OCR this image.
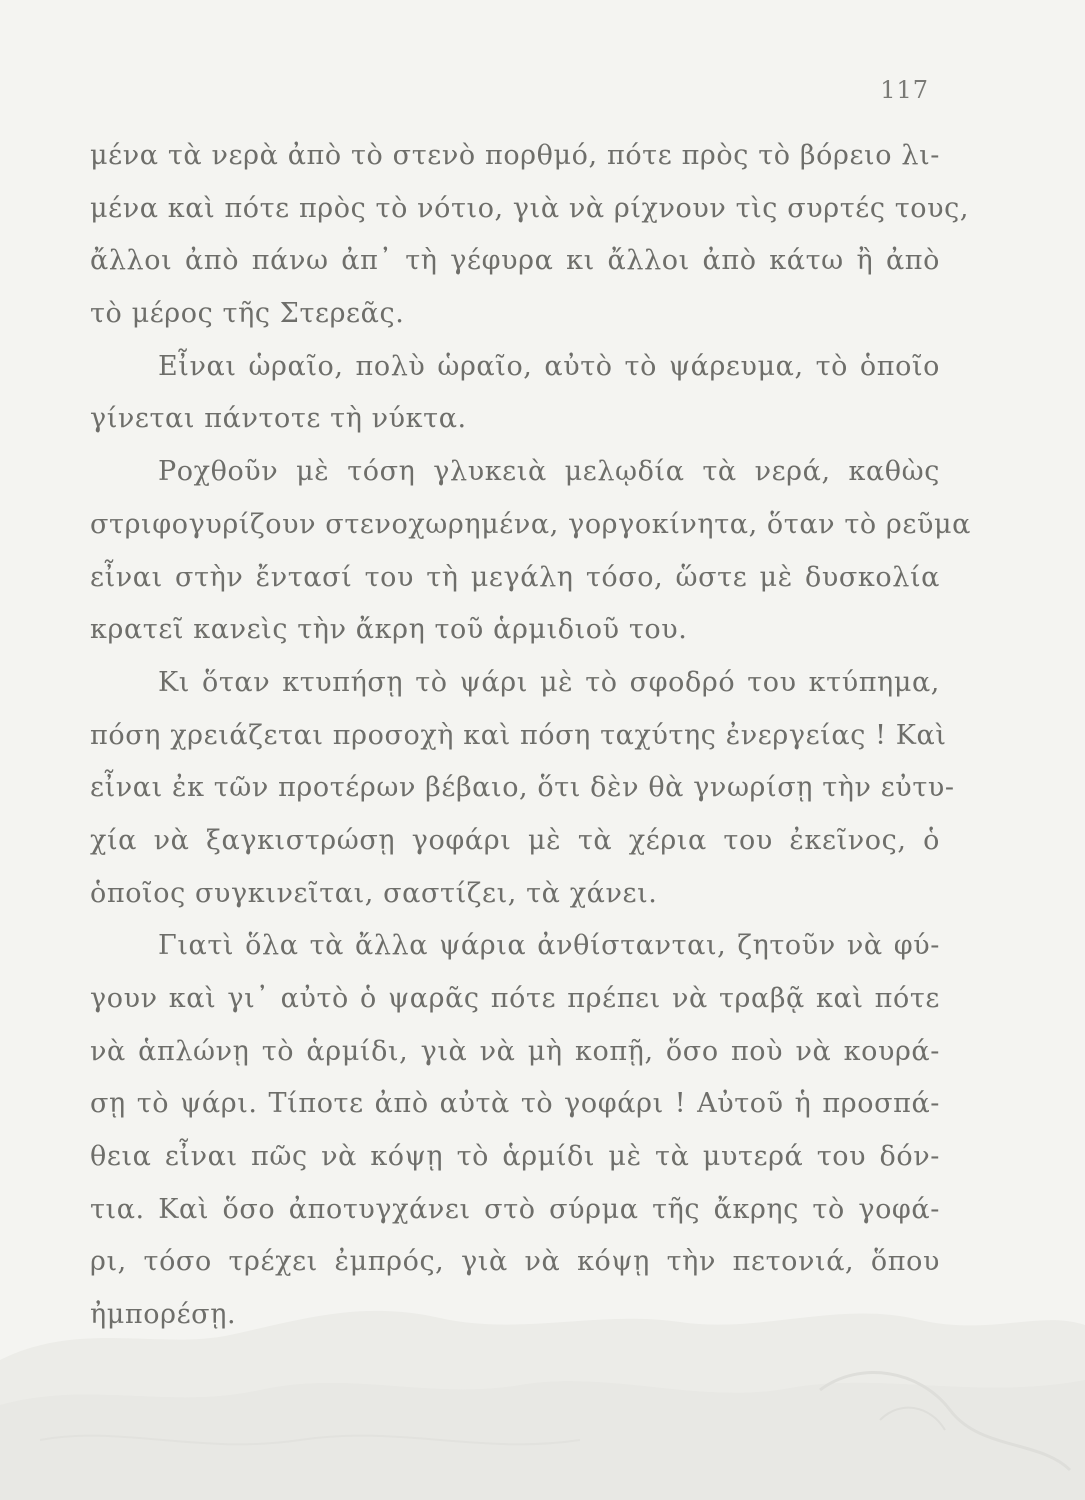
117
μένα τὰ νερὰ ἀπὸ τὸ στενὸ πορθμό, πότε πρὸς τὸ βόρειο λι-
μένα καὶ πότε πρὸς τὸ νότιο, γιὰ νὰ ρίχνουν τὶς συρτές τους,
ἄλλοι ἀπὸ πάνω ἀπ᾽ τὴ γέφυρα κι ἄλλοι ἀπὸ κάτω ἢ ἀπὸ
τὸ μέρος τῆς Στερεᾶς.
Εἶναι ὡραῖο, πολὺ ὡραῖο, αὐτὸ τὸ ψάρευμα, τὸ ὁποῖο
γίνεται πάντοτε τὴ νύκτα.
Ροχθοῦν μὲ τόση γλυκειὰ μελῳδία τὰ νερά, καθὼς
στριφογυρίζουν στενοχωρημένα, γοργοκίνητα, ὅταν τὸ ρεῦμα
εἶναι στὴν ἔντασί του τὴ μεγάλη τόσο, ὥστε μὲ δυσκολία
κρατεῖ κανεὶς τὴν ἄκρη τοῦ ἁρμιδιοῦ του.
Κι ὅταν κτυπήσῃ τὸ ψάρι μὲ τὸ σφοδρό του κτύπημα,
πόση χρειάζεται προσοχὴ καὶ πόση ταχύτης ἐνεργείας ! Καὶ
εἶναι ἐκ τῶν προτέρων βέβαιο, ὅτι δὲν θὰ γνωρίσῃ τὴν εὐτυ-
χία νὰ ξαγκιστρώσῃ γοφάρι μὲ τὰ χέρια του ἐκεῖνος, ὁ
ὁποῖος συγκινεῖται, σαστίζει, τὰ χάνει.
Γιατὶ ὅλα τὰ ἄλλα ψάρια ἀνθίστανται, ζητοῦν νὰ φύ-
γουν καὶ γι᾽ αὐτὸ ὁ ψαρᾶς πότε πρέπει νὰ τραβᾷ καὶ πότε
νὰ ἁπλώνῃ τὸ ἁρμίδι, γιὰ νὰ μὴ κοπῇ, ὅσο ποὺ νὰ κουρά-
σῃ τὸ ψάρι. Τίποτε ἀπὸ αὐτὰ τὸ γοφάρι ! Αὐτοῦ ἡ προσπά-
θεια εἶναι πῶς νὰ κόψῃ τὸ ἁρμίδι μὲ τὰ μυτερά του δόν-
τια. Καὶ ὅσο ἀποτυγχάνει στὸ σύρμα τῆς ἄκρης τὸ γοφά-
ρι, τόσο τρέχει ἐμπρός, γιὰ νὰ κόψῃ τὴν πετονιά, ὅπου
ἠμπορέσῃ.
